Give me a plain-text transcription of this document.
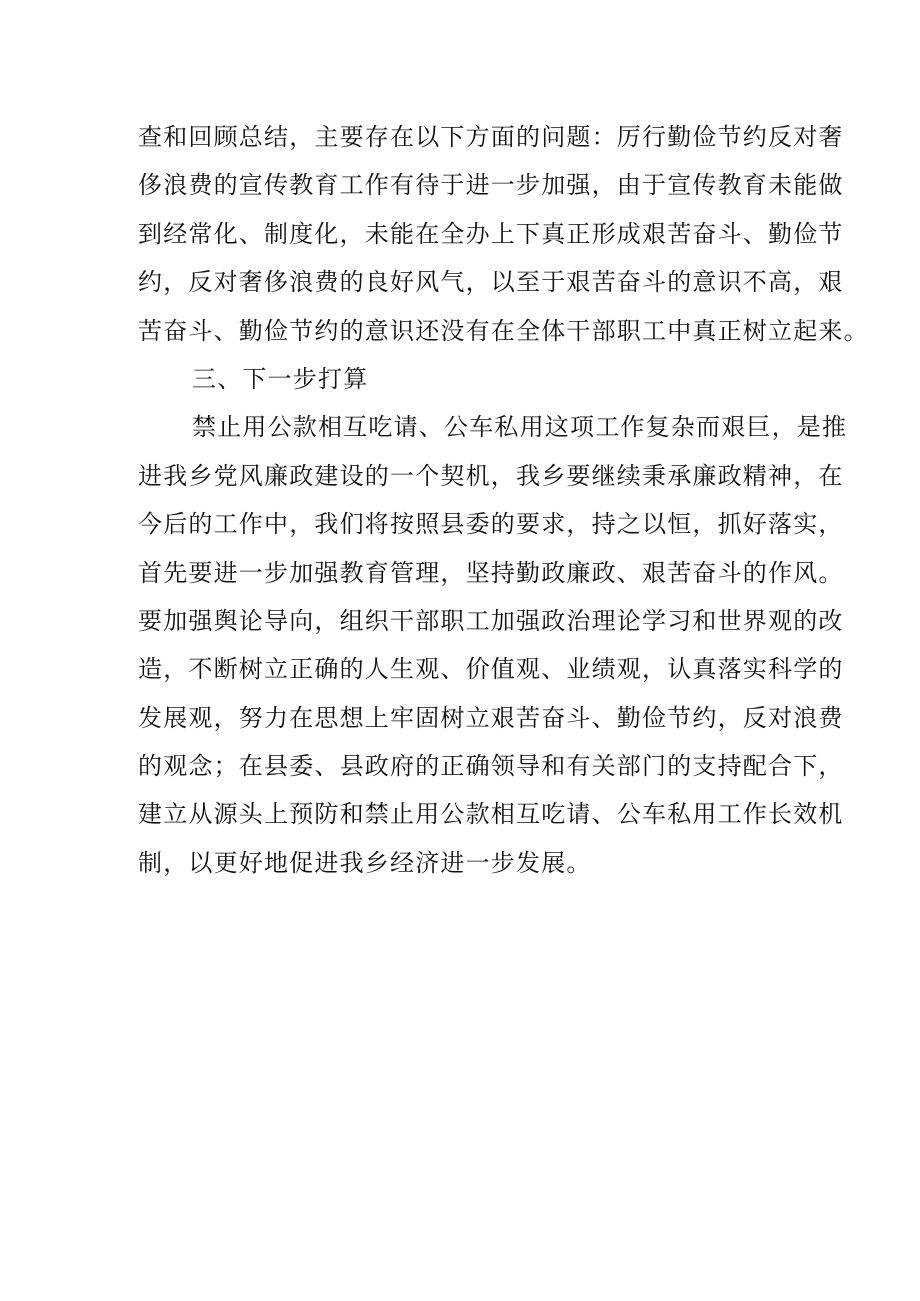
查和回顾总结，主要存在以下方面的问题：厉行勤俭节约反对奢
侈浪费的宣传教育工作有待于进一步加强，由于宣传教育未能做
到经常化、制度化，未能在全办上下真正形成艰苦奋斗、勤俭节
约，反对奢侈浪费的良好风气，以至于艰苦奋斗的意识不高，艰
苦奋斗、勤俭节约的意识还没有在全体干部职工中真正树立起来。
三、下一步打算
禁止用公款相互吃请、公车私用这项工作复杂而艰巨，是推
进我乡党风廉政建设的一个契机，我乡要继续秉承廉政精神，在
今后的工作中，我们将按照县委的要求，持之以恒，抓好落实，
首先要进一步加强教育管理，坚持勤政廉政、艰苦奋斗的作风。
要加强舆论导向，组织干部职工加强政治理论学习和世界观的改
造，不断树立正确的人生观、价值观、业绩观，认真落实科学的
发展观，努力在思想上牢固树立艰苦奋斗、勤俭节约，反对浪费
的观念；在县委、县政府的正确领导和有关部门的支持配合下，
建立从源头上预防和禁止用公款相互吃请、公车私用工作长效机
制，以更好地促进我乡经济进一步发展。
